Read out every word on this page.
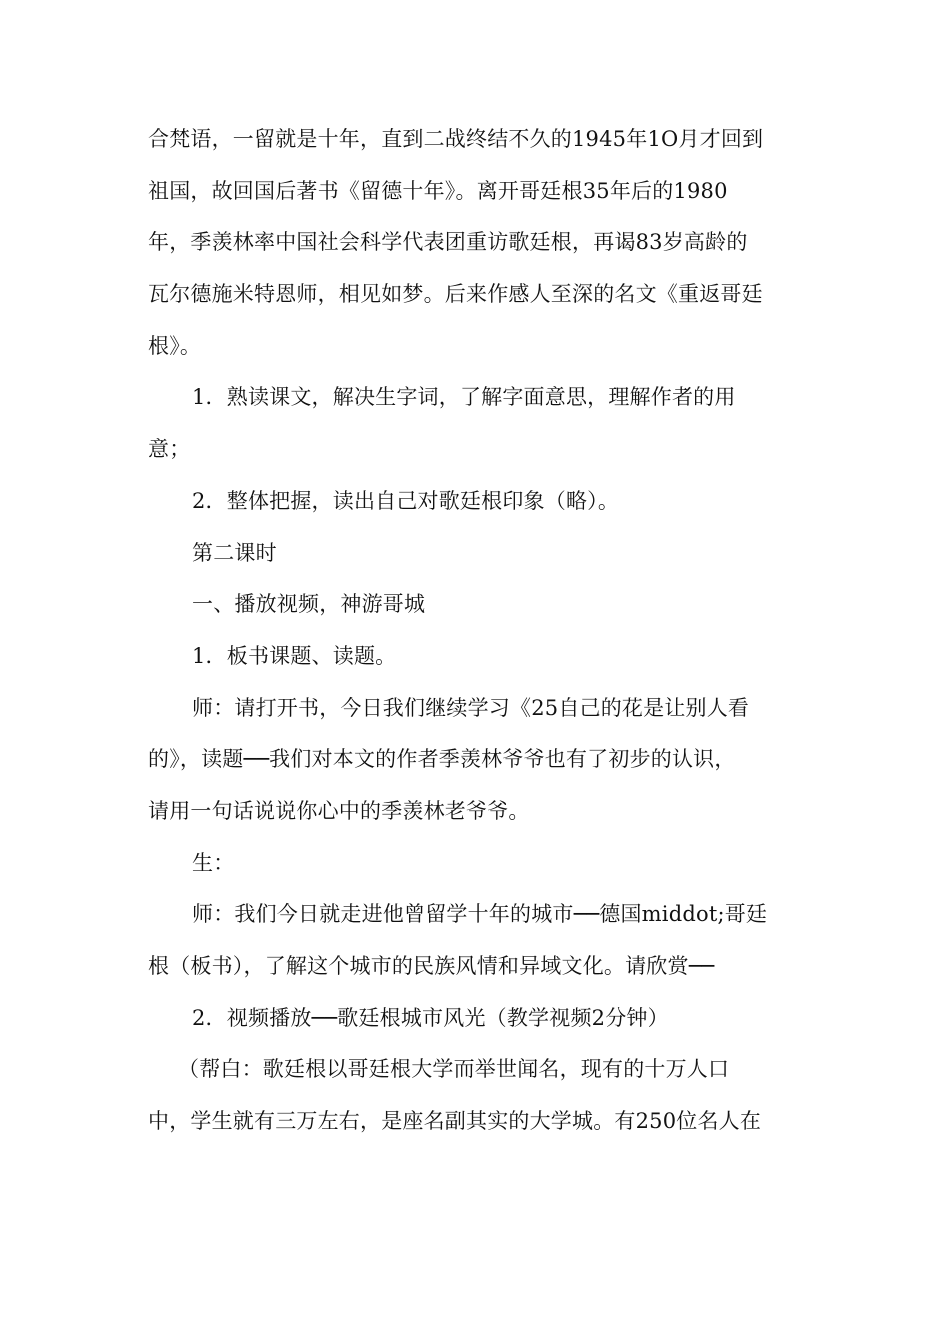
合梵语，一留就是十年，直到二战终结不久的1945年1O月才回到
祖国，故回国后著书《留德十年》。离开哥廷根35年后的1980
年，季羡林率中国社会科学代表团重访歌廷根，再谒83岁高龄的
瓦尔德施米特恩师，相见如梦。后来作感人至深的名文《重返哥廷
根》。
1．熟读课文，解决生字词，了解字面意思，理解作者的用
意；
2．整体把握，读出自己对歌廷根印象（略）。
第二课时
一、播放视频，神游哥城
1．板书课题、读题。
师：请打开书，今日我们继续学习《25自己的花是让别人看
的》，读题──我们对本文的作者季羡林爷爷也有了初步的认识，
请用一句话说说你心中的季羡林老爷爷。
生：
师：我们今日就走进他曾留学十年的城市──德国middot;哥廷
根（板书），了解这个城市的民族风情和异域文化。请欣赏──
2．视频播放──歌廷根城市风光（教学视频2分钟）
（帮白：歌廷根以哥廷根大学而举世闻名，现有的十万人口
中，学生就有三万左右，是座名副其实的大学城。有250位名人在
